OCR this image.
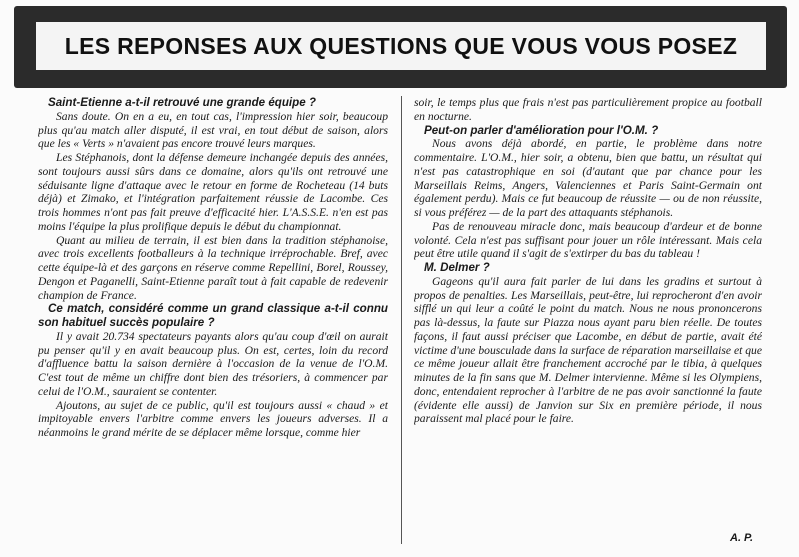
LES REPONSES AUX QUESTIONS QUE VOUS VOUS POSEZ

Saint-Etienne a-t-il retrouvé une grande équipe ?

Sans doute. On en a eu, en tout cas, l'impression hier soir, beaucoup plus qu'au match aller disputé, il est vrai, en tout début de saison, alors que les « Verts » n'avaient pas encore trouvé leurs marques.

Les Stéphanois, dont la défense demeure inchangée depuis des années, sont toujours aussi sûrs dans ce domaine, alors qu'ils ont retrouvé une séduisante ligne d'attaque avec le retour en forme de Rocheteau (14 buts déjà) et Zimako, et l'intégration parfaitement réussie de Lacombe. Ces trois hommes n'ont pas fait preuve d'efficacité hier. L'A.S.S.E. n'en est pas moins l'équipe la plus prolifique depuis le début du championnat.

Quant au milieu de terrain, il est bien dans la tradition stéphanoise, avec trois excellents footballeurs à la technique irréprochable. Bref, avec cette équipe-là et des garçons en réserve comme Repellini, Borel, Roussey, Dengon et Paganelli, Saint-Etienne paraît tout à fait capable de redevenir champion de France.

Ce match, considéré comme un grand classique a-t-il connu son habituel succès populaire ?

Il y avait 20.734 spectateurs payants alors qu'au coup d'œil on aurait pu penser qu'il y en avait beaucoup plus. On est, certes, loin du record d'affluence battu la saison dernière à l'occasion de la venue de l'O.M. C'est tout de même un chiffre dont bien des trésoriers, à commencer par celui de l'O.M., sauraient se contenter.

Ajoutons, au sujet de ce public, qu'il est toujours aussi « chaud » et impitoyable envers l'arbitre comme envers les joueurs adverses. Il a néanmoins le grand mérite de se déplacer même lorsque, comme hier

soir, le temps plus que frais n'est pas particulièrement propice au football en nocturne.

Peut-on parler d'amélioration pour l'O.M. ?

Nous avons déjà abordé, en partie, le problème dans notre commentaire. L'O.M., hier soir, a obtenu, bien que battu, un résultat qui n'est pas catastrophique en soi (d'autant que par chance pour les Marseillais Reims, Angers, Valenciennes et Paris Saint-Germain ont également perdu). Mais ce fut beaucoup de réussite — ou de non réussite, si vous préférez — de la part des attaquants stéphanois.

Pas de renouveau miracle donc, mais beaucoup d'ardeur et de bonne volonté. Cela n'est pas suffisant pour jouer un rôle intéressant. Mais cela peut être utile quand il s'agit de s'extirper du bas du tableau !

M. Delmer ?

Gageons qu'il aura fait parler de lui dans les gradins et surtout à propos de penalties. Les Marseillais, peut-être, lui reprocheront d'en avoir sifflé un qui leur a coûté le point du match. Nous ne nous prononcerons pas là-dessus, la faute sur Piazza nous ayant paru bien réelle. De toutes façons, il faut aussi préciser que Lacombe, en début de partie, avait été victime d'une bousculade dans la surface de réparation marseillaise et que ce même joueur allait être franchement accroché par le tibia, à quelques minutes de la fin sans que M. Delmer intervienne. Même si les Olympiens, donc, entendaient reprocher à l'arbitre de ne pas avoir sanctionné la faute (évidente elle aussi) de Janvion sur Six en première période, il nous paraissent mal placé pour le faire.

A. P.
